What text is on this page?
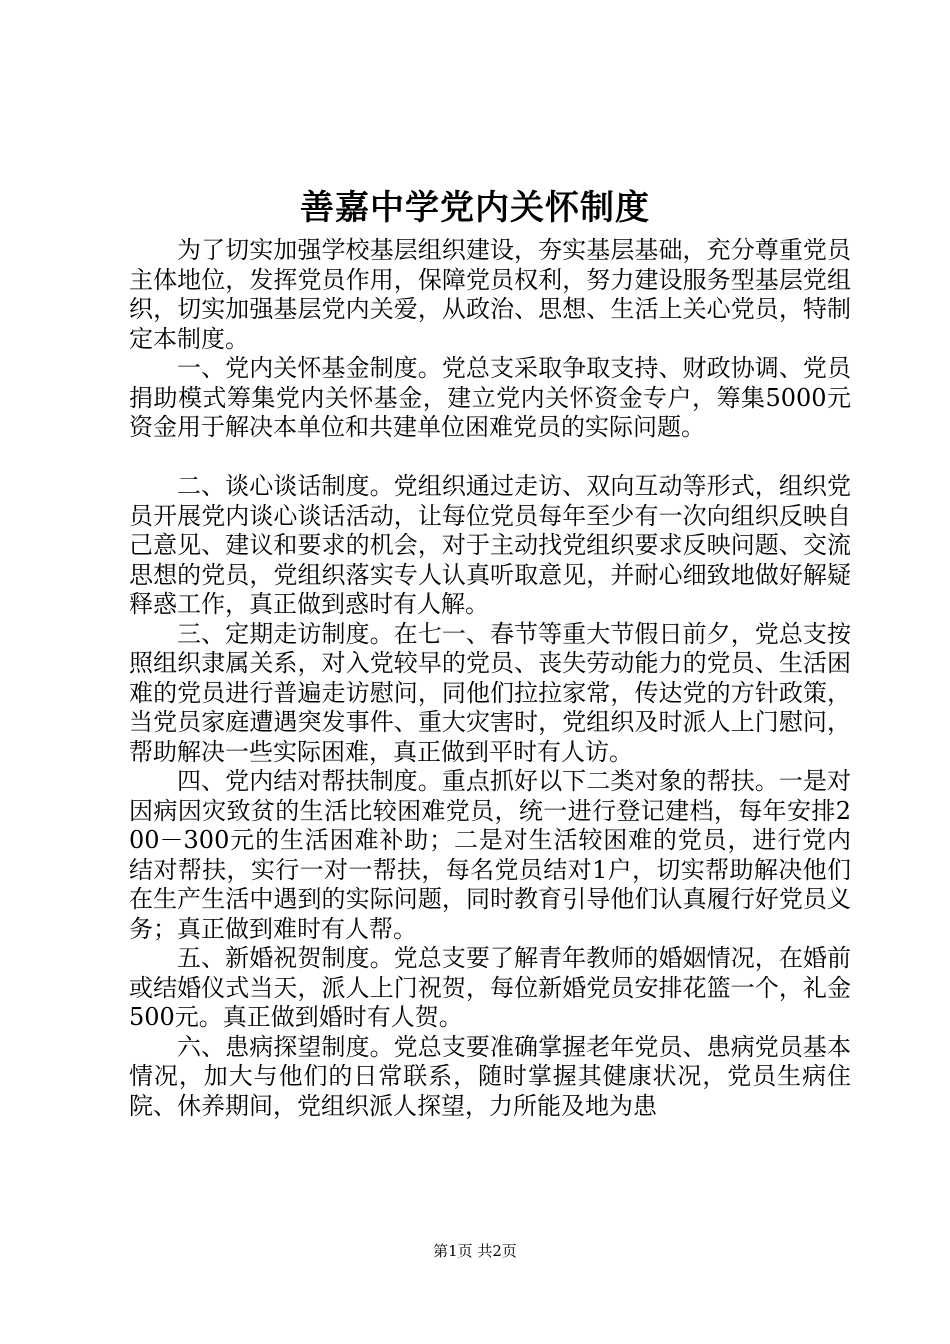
善嘉中学党内关怀制度

为了切实加强学校基层组织建设，夯实基层基础，充分尊重党员主体地位，发挥党员作用，保障党员权利，努力建设服务型基层党组织，切实加强基层党内关爱，从政治、思想、生活上关心党员，特制定本制度。

一、党内关怀基金制度。党总支采取争取支持、财政协调、党员捐助模式筹集党内关怀基金，建立党内关怀资金专户，筹集5000元资金用于解决本单位和共建单位困难党员的实际问题。

二、谈心谈话制度。党组织通过走访、双向互动等形式，组织党员开展党内谈心谈话活动，让每位党员每年至少有一次向组织反映自己意见、建议和要求的机会，对于主动找党组织要求反映问题、交流思想的党员，党组织落实专人认真听取意见，并耐心细致地做好解疑释惑工作，真正做到惑时有人解。

三、定期走访制度。在七一、春节等重大节假日前夕，党总支按照组织隶属关系，对入党较早的党员、丧失劳动能力的党员、生活困难的党员进行普遍走访慰问，同他们拉拉家常，传达党的方针政策，当党员家庭遭遇突发事件、重大灾害时，党组织及时派人上门慰问，帮助解决一些实际困难，真正做到平时有人访。

四、党内结对帮扶制度。重点抓好以下二类对象的帮扶。一是对因病因灾致贫的生活比较困难党员，统一进行登记建档，每年安排200－300元的生活困难补助；二是对生活较困难的党员，进行党内结对帮扶，实行一对一帮扶，每名党员结对1户，切实帮助解决他们在生产生活中遇到的实际问题，同时教育引导他们认真履行好党员义务；真正做到难时有人帮。

五、新婚祝贺制度。党总支要了解青年教师的婚姻情况，在婚前或结婚仪式当天，派人上门祝贺，每位新婚党员安排花篮一个，礼金500元。真正做到婚时有人贺。

六、患病探望制度。党总支要准确掌握老年党员、患病党员基本情况，加大与他们的日常联系，随时掌握其健康状况，党员生病住院、休养期间，党组织派人探望，力所能及地为患

第1页 共2页
